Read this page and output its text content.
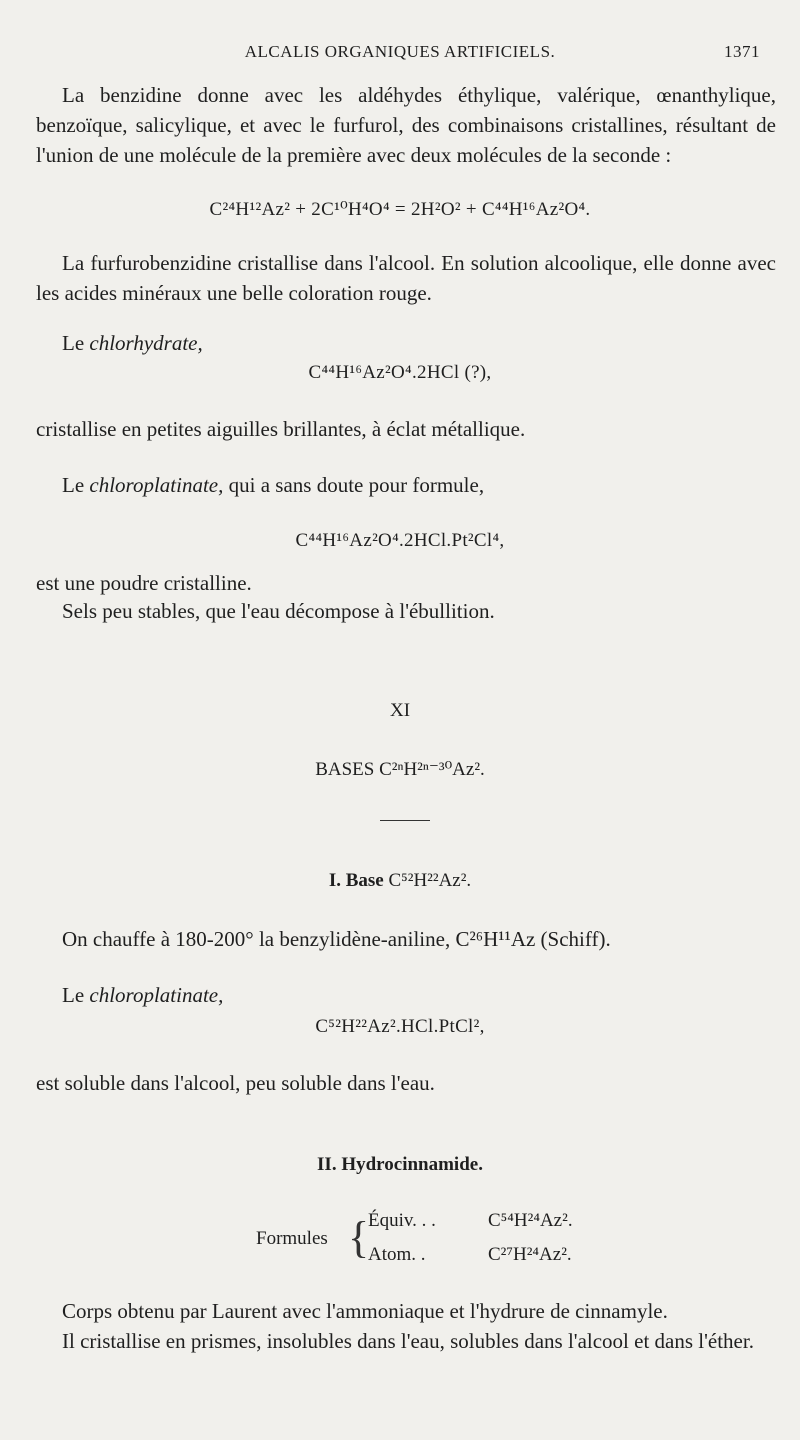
ALCALIS ORGANIQUES ARTIFICIELS.	1371
La benzidine donne avec les aldéhydes éthylique, valérique, œnanthylique, benzoïque, salicylique, et avec le furfurol, des combinaisons cristallines, résultant de l'union de une molécule de la première avec deux molécules de la seconde :
C²⁴H¹²Az² + 2C¹⁰H⁴O⁴ = 2H²O² + C⁴⁴H¹⁶Az²O⁴.
La furfurobenzidine cristallise dans l'alcool. En solution alcoolique, elle donne avec les acides minéraux une belle coloration rouge.
Le chlorhydrate,
C⁴⁴H¹⁶Az²O⁴.2HCl (?),
cristallise en petites aiguilles brillantes, à éclat métallique.
Le chloroplatinate, qui a sans doute pour formule,
C⁴⁴H¹⁶Az²O⁴.2HCl.Pt²Cl⁴,
est une poudre cristalline.
Sels peu stables, que l'eau décompose à l'ébullition.
XI
BASES C²ⁿH²ⁿ⁻³⁰Az².
I. Base C⁵²H²²Az².
On chauffe à 180-200° la benzylidène-aniline, C²⁶H¹¹Az (Schiff).
Le chloroplatinate,
C⁵²H²²Az².HCl.PtCl²,
est soluble dans l'alcool, peu soluble dans l'eau.
II. Hydrocinnamide.
Formules {
Équiv. . .	C⁵⁴H²⁴Az².
Atom. .	C²⁷H²⁴Az².
Corps obtenu par Laurent avec l'ammoniaque et l'hydrure de cinnamyle.
Il cristallise en prismes, insolubles dans l'eau, solubles dans l'alcool et dans l'éther.
